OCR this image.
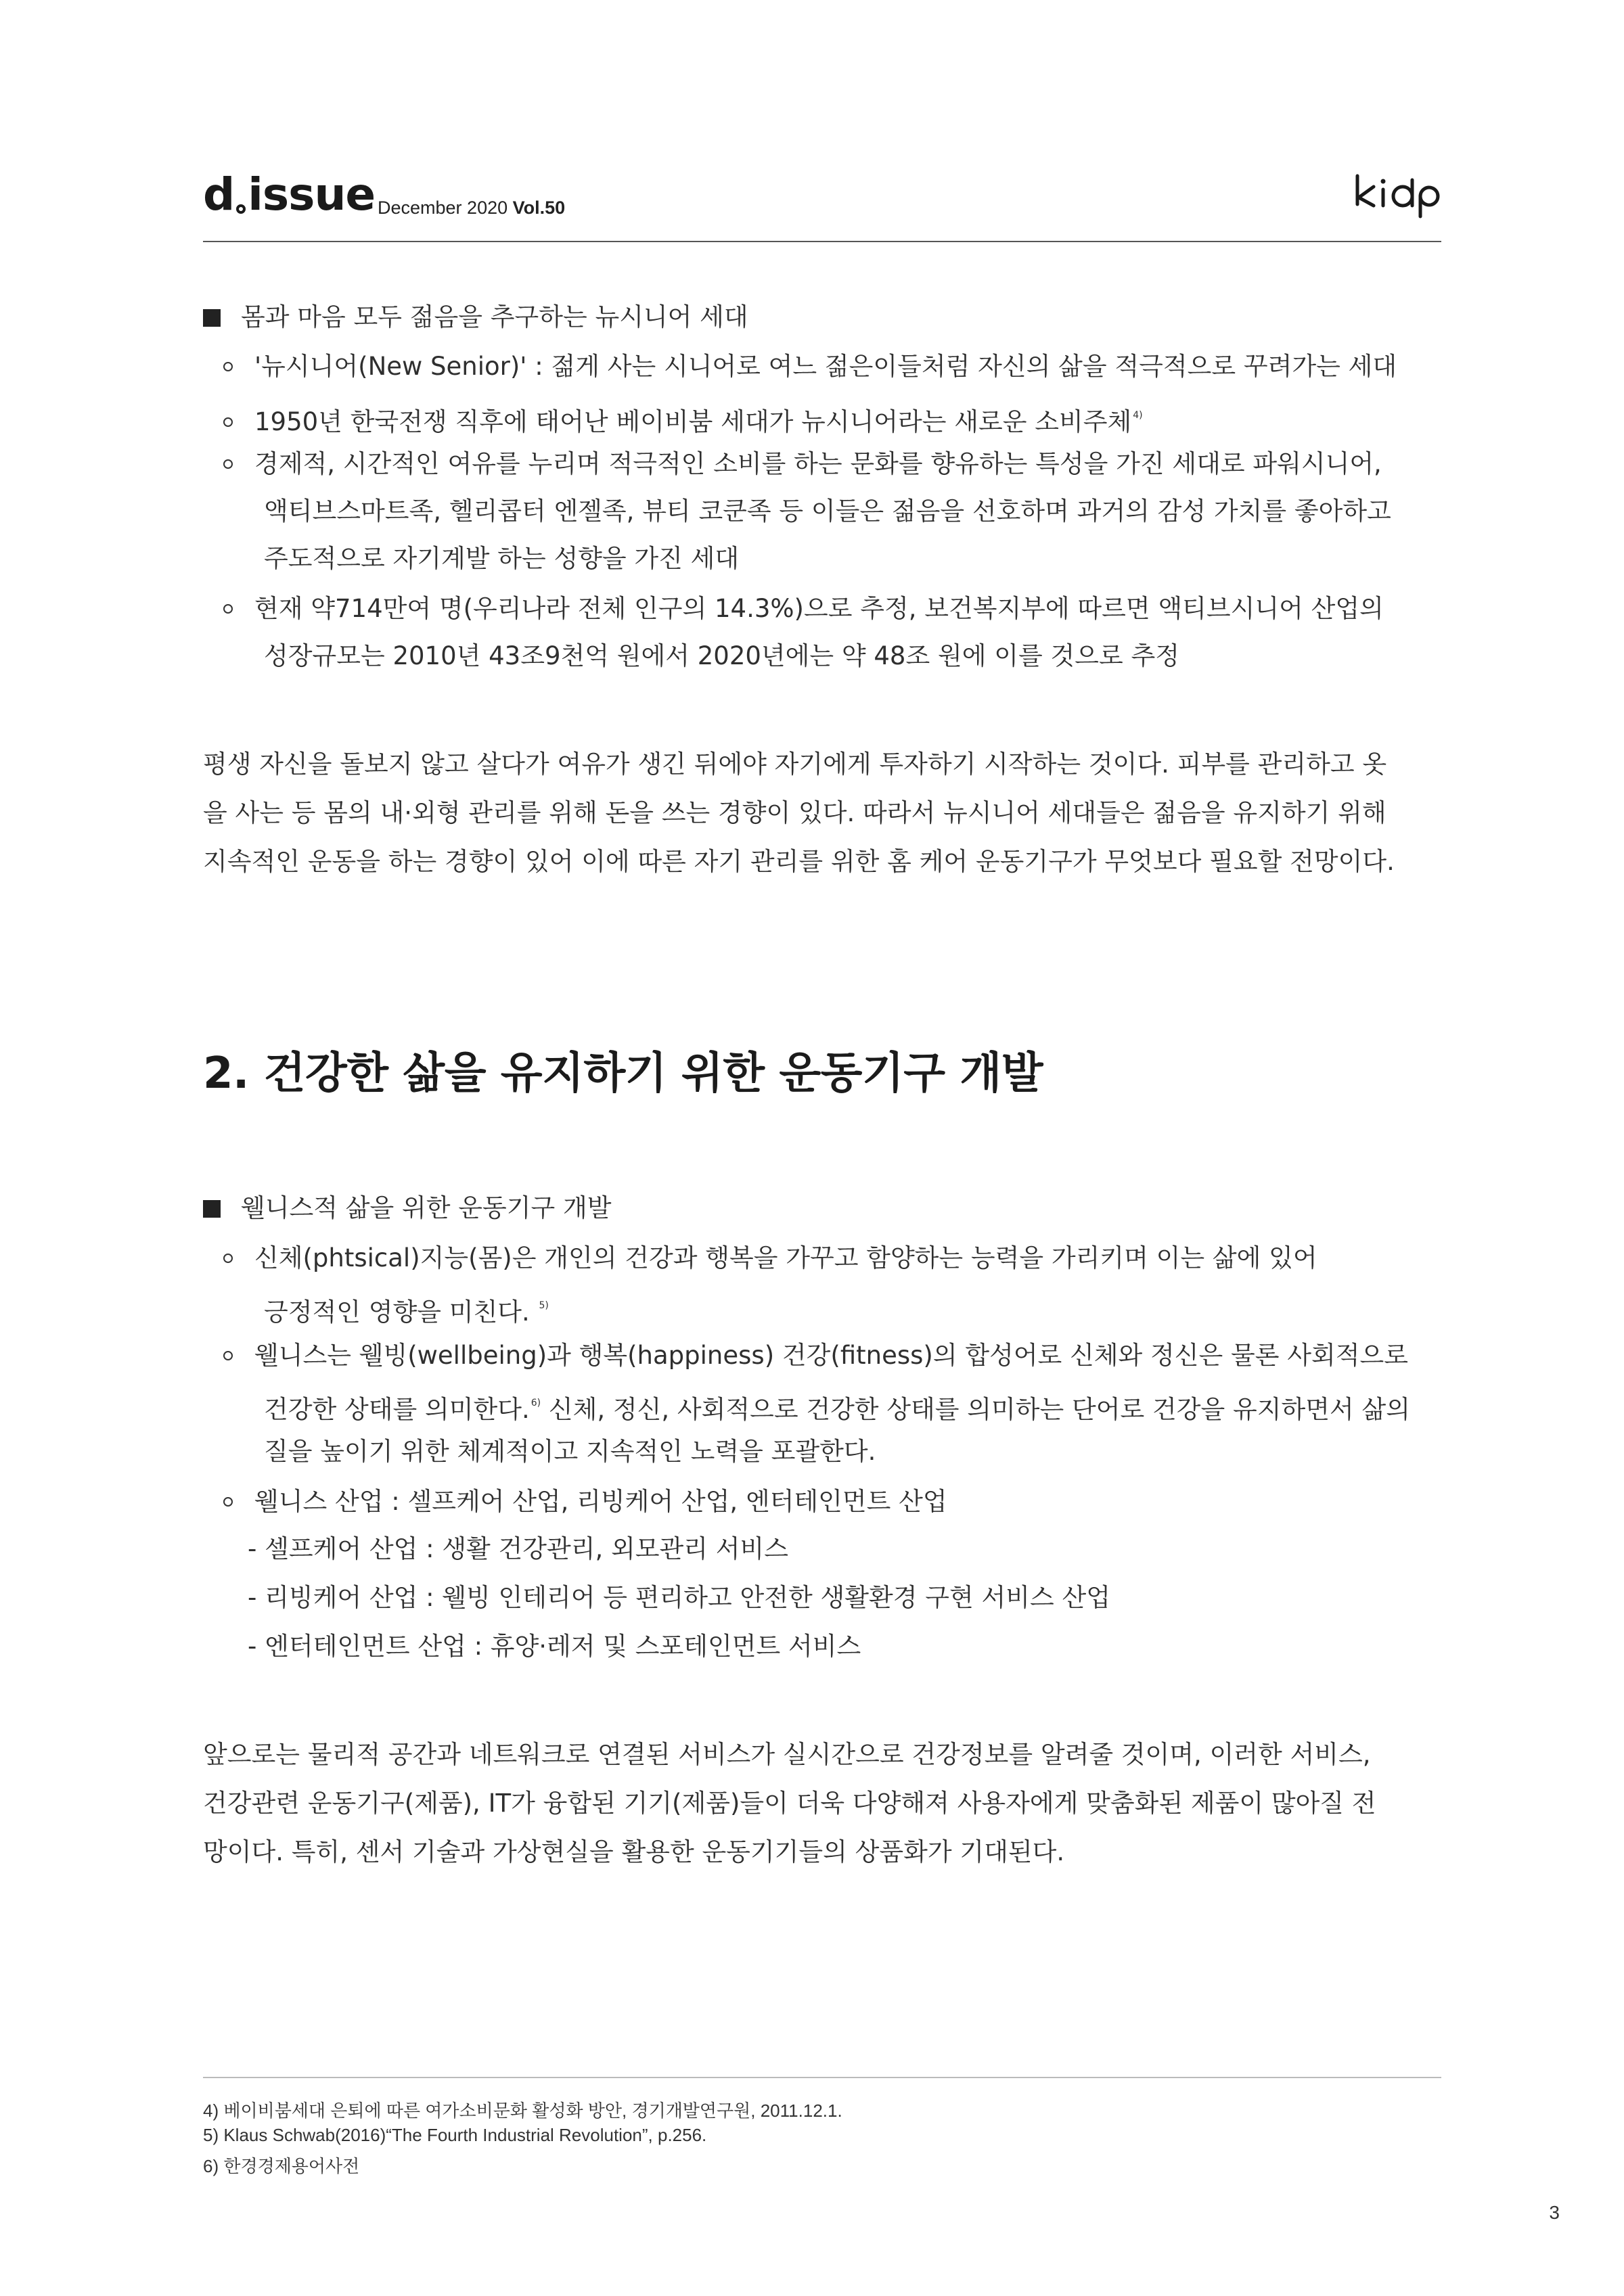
d issue December 2020 Vol.50
몸과 마음 모두 젊음을 추구하는 뉴시니어 세대
'뉴시니어(New Senior)' : 젊게 사는 시니어로 여느 젊은이들처럼 자신의 삶을 적극적으로 꾸려가는 세대
1950년 한국전쟁 직후에 태어난 베이비붐 세대가 뉴시니어라는 새로운 소비주체 $^{4)}$
경제적, 시간적인 여유를 누리며 적극적인 소비를 하는 문화를 향유하는 특성을 가진 세대로 파워시니어,
액티브스마트족, 헬리콥터 엔젤족, 뷰티 코쿤족 등 이들은 젊음을 선호하며 과거의 감성 가치를 좋아하고
주도적으로 자기계발 하는 성향을 가진 세대
현재 약714만여 명(우리나라 전체 인구의 14.3%)으로 추정, 보건복지부에 따르면 액티브시니어 산업의
성장규모는 2010년 43조9천억 원에서 2020년에는 약 48조 원에 이를 것으로 추정
평생 자신을 돌보지 않고 살다가 여유가 생긴 뒤에야 자기에게 투자하기 시작하는 것이다. 피부를 관리하고 옷
을 사는 등 몸의 내·외형 관리를 위해 돈을 쓰는 경향이 있다. 따라서 뉴시니어 세대들은 젊음을 유지하기 위해
지속적인 운동을 하는 경향이 있어 이에 따른 자기 관리를 위한 홈 케어 운동기구가 무엇보다 필요할 전망이다.
2. 건강한 삶을 유지하기 위한 운동기구 개발
웰니스적 삶을 위한 운동기구 개발
신체(phtsical)지능(몸)은 개인의 건강과 행복을 가꾸고 함양하는 능력을 가리키며 이는 삶에 있어
긍정적인 영향을 미친다. $^{5)}$
웰니스는 웰빙(wellbeing)과 행복(happiness) 건강(fitness)의 합성어로 신체와 정신은 물론 사회적으로
건강한 상태를 의미한다. $^{6)}$ 신체, 정신, 사회적으로 건강한 상태를 의미하는 단어로 건강을 유지하면서 삶의
질을 높이기 위한 체계적이고 지속적인 노력을 포괄한다.
웰니스 산업 : 셀프케어 산업, 리빙케어 산업, 엔터테인먼트 산업
- 셀프케어 산업 : 생활 건강관리, 외모관리 서비스
- 리빙케어 산업 : 웰빙 인테리어 등 편리하고 안전한 생활환경 구현 서비스 산업
- 엔터테인먼트 산업 : 휴양·레저 및 스포테인먼트 서비스
앞으로는 물리적 공간과 네트워크로 연결된 서비스가 실시간으로 건강정보를 알려줄 것이며, 이러한 서비스,
건강관련 운동기구(제품), IT가 융합된 기기(제품)들이 더욱 다양해져 사용자에게 맞춤화된 제품이 많아질 전
망이다. 특히, 센서 기술과 가상현실을 활용한 운동기기들의 상품화가 기대된다.
4) 베이비붐세대 은퇴에 따른 여가소비문화 활성화 방안, 경기개발연구원, 2011.12.1.
5) Klaus Schwab(2016)“The Fourth Industrial Revolution”, p.256.
6) 한경경제용어사전
3
